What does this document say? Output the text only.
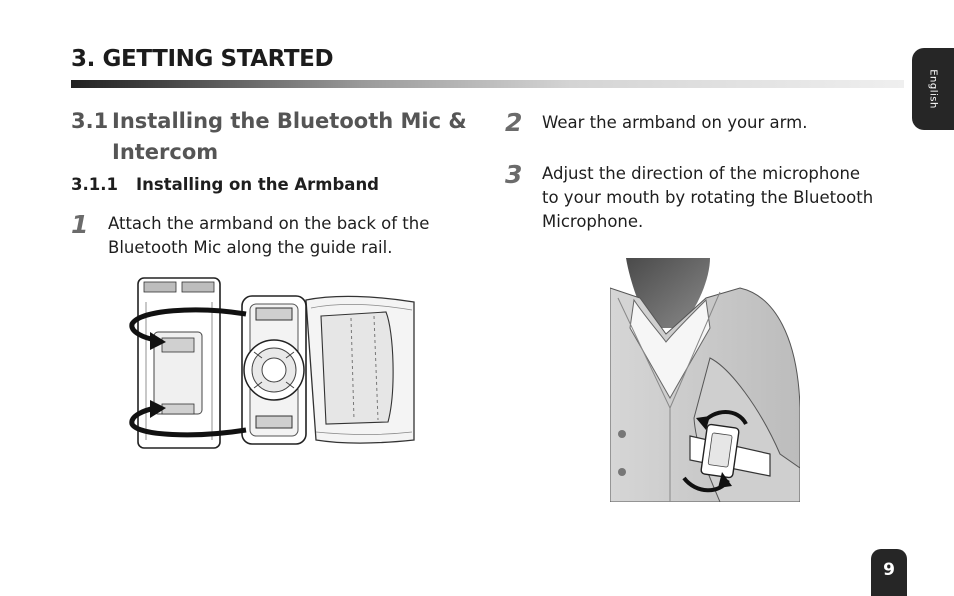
3. GETTING STARTED
English
3.1 Installing the Bluetooth Mic &
Intercom
3.1.1 Installing on the Armband
1 Attach the armband on the back of the
Bluetooth Mic along the guide rail.

2 Wear the armband on your arm.

3 Adjust the direction of the microphone
to your mouth by rotating the Bluetooth
Microphone.

9
